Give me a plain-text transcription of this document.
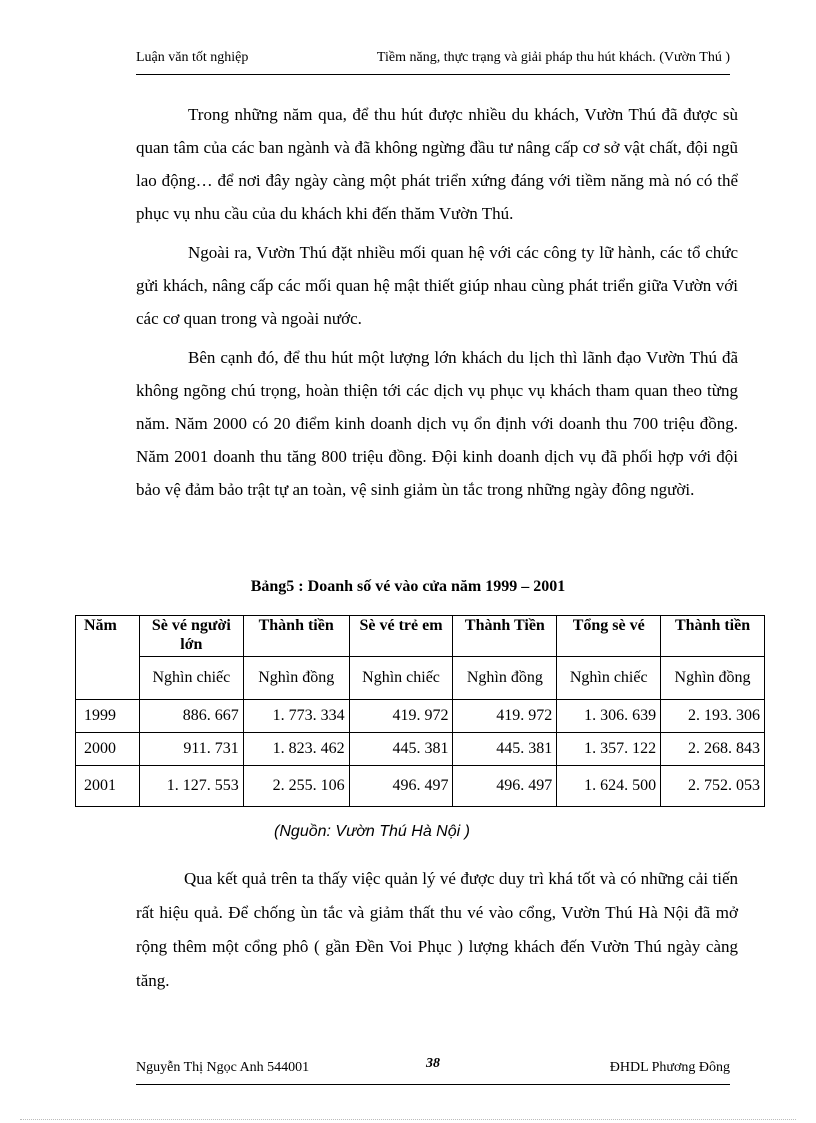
Luận văn tốt nghiệp	Tiềm năng, thực trạng và giải pháp thu hút khách. (Vườn Thú )

Trong những năm qua, để thu hút được nhiều du khách, Vườn Thú đã được sù quan tâm của các ban ngành và đã không ngừng đầu tư nâng cấp cơ sở vật chất, đội ngũ lao động… để nơi đây ngày càng một phát triển xứng đáng với tiềm năng mà nó có thể phục vụ nhu cầu của du khách khi đến thăm Vườn Thú.

Ngoài ra, Vườn Thú đặt nhiều mối quan hệ với các công ty lữ hành, các tổ chức gửi khách, nâng cấp các mối quan hệ mật thiết giúp nhau cùng phát triển giữa Vườn với các cơ quan trong và ngoài nước.

Bên cạnh đó, để thu hút một lượng lớn khách du lịch thì lãnh đạo Vườn Thú đã không ngõng chú trọng, hoàn thiện tới các dịch vụ phục vụ khách tham quan theo từng năm. Năm 2000 có 20 điểm kinh doanh dịch vụ ổn định với doanh thu 700 triệu đồng. Năm 2001 doanh thu tăng 800 triệu đồng. Đội kinh doanh dịch vụ đã phối hợp với đội bảo vệ đảm bảo trật tự an toàn, vệ sinh giảm ùn tắc trong những ngày đông người.

Bảng5 : Doanh số vé vào cửa năm 1999 – 2001
Năm	Sè vé người lớn	Thành tiền	Sè vé trẻ em	Thành Tiền	Tổng sè vé	Thành tiền
	Nghìn chiếc	Nghìn đồng	Nghìn chiếc	Nghìn đồng	Nghìn chiếc	Nghìn đồng
1999	886. 667	1. 773. 334	419. 972	419. 972	1. 306. 639	2. 193. 306
2000	911. 731	1. 823. 462	445. 381	445. 381	1. 357. 122	2. 268. 843
2001	1. 127. 553	2. 255. 106	496. 497	496. 497	1. 624. 500	2. 752. 053
(Nguồn: Vườn Thú Hà Nội )

Qua kết quả trên ta thấy việc quản lý vé được duy trì khá tốt và có những cải tiến rất hiệu quả. Để chống ùn tắc và giảm thất thu vé vào cổng, Vườn Thú Hà Nội đã mở rộng thêm một cổng phô ( gần Đền Voi Phục ) lượng khách đến Vườn Thú ngày càng tăng.

Nguyễn Thị Ngọc Anh 544001	38	ĐHDL Phương Đông
